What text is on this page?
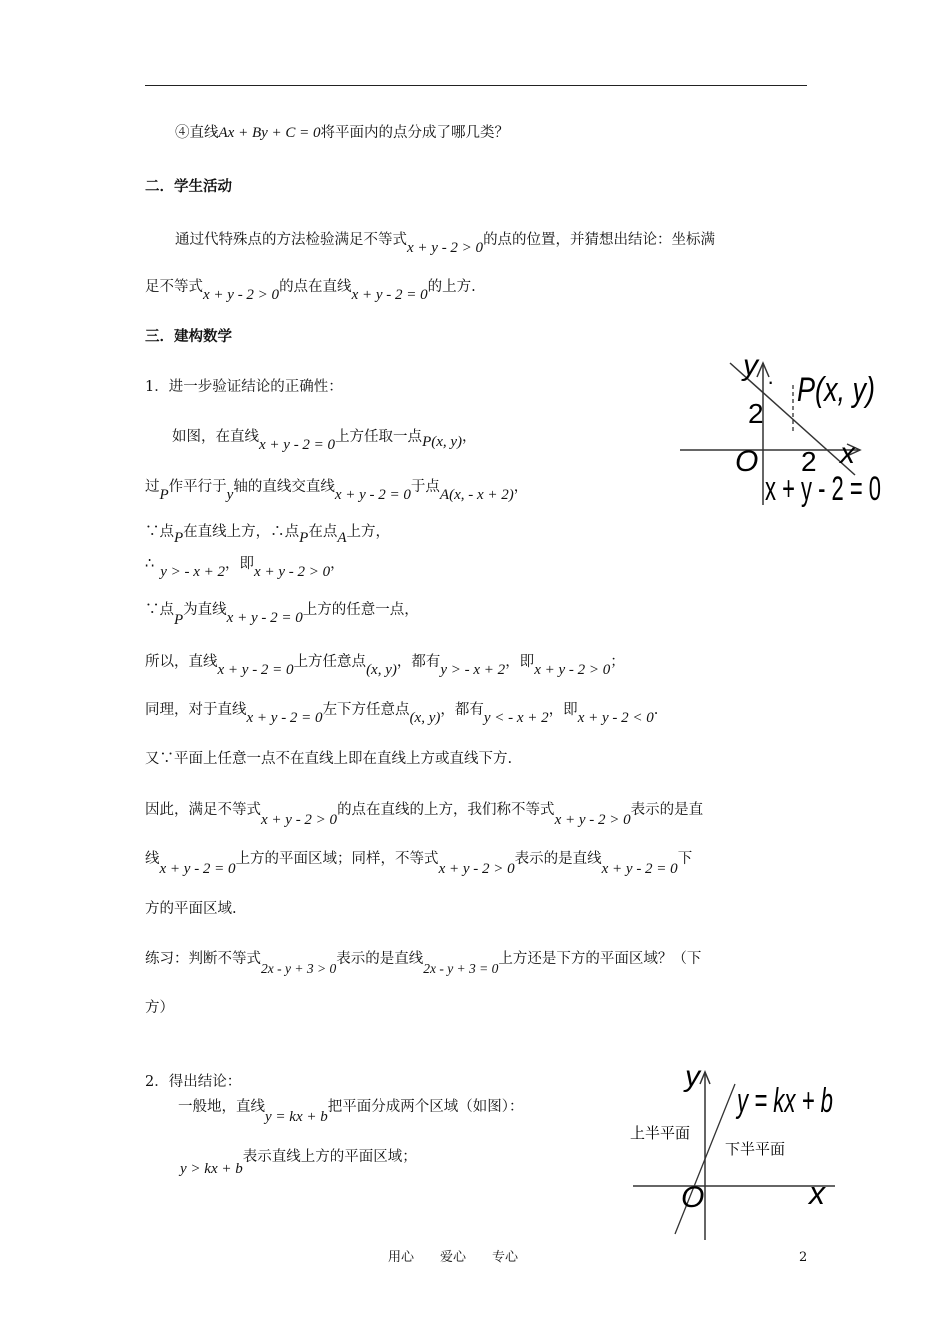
④直线Ax + By + C = 0将平面内的点分成了哪几类？
二．学生活动
通过代特殊点的方法检验满足不等式x + y - 2 > 0的点的位置，并猜想出结论：坐标满
足不等式x + y - 2 > 0的点在直线x + y - 2 = 0的上方.
三．建构数学
1．进一步验证结论的正确性：
如图，在直线x + y - 2 = 0上方任取一点P(x, y)，
过P作平行于y轴的直线交直线x + y - 2 = 0于点A(x, - x + 2)，
∵点P在直线上方，∴点P在点A上方，
∴ y > - x + 2，即x + y - 2 > 0，
∵点P为直线x + y - 2 = 0上方的任意一点，
所以，直线x + y - 2 = 0上方任意点(x, y)，都有y > - x + 2，即x + y - 2 > 0；
同理，对于直线x + y - 2 = 0左下方任意点(x, y)，都有y < - x + 2，即x + y - 2 < 0.
又∵平面上任意一点不在直线上即在直线上方或直线下方.
因此，满足不等式x + y - 2 > 0的点在直线的上方，我们称不等式x + y - 2 > 0表示的是直
线x + y - 2 = 0上方的平面区域；同样，不等式x + y - 2 > 0表示的是直线x + y - 2 = 0下
方的平面区域.
练习：判断不等式2x - y + 3 > 0表示的是直线2x - y + 3 = 0上方还是下方的平面区域？（下
方）
2．得出结论：
一般地，直线y = kx + b把平面分成两个区域（如图）：
y > kx + b表示直线上方的平面区域；
y · P(x, y)
2
O 2 x
x + y - 2 = 0
y
y = kx + b
上半平面
下半平面
O	x
用心　　爱心　　专心	2
